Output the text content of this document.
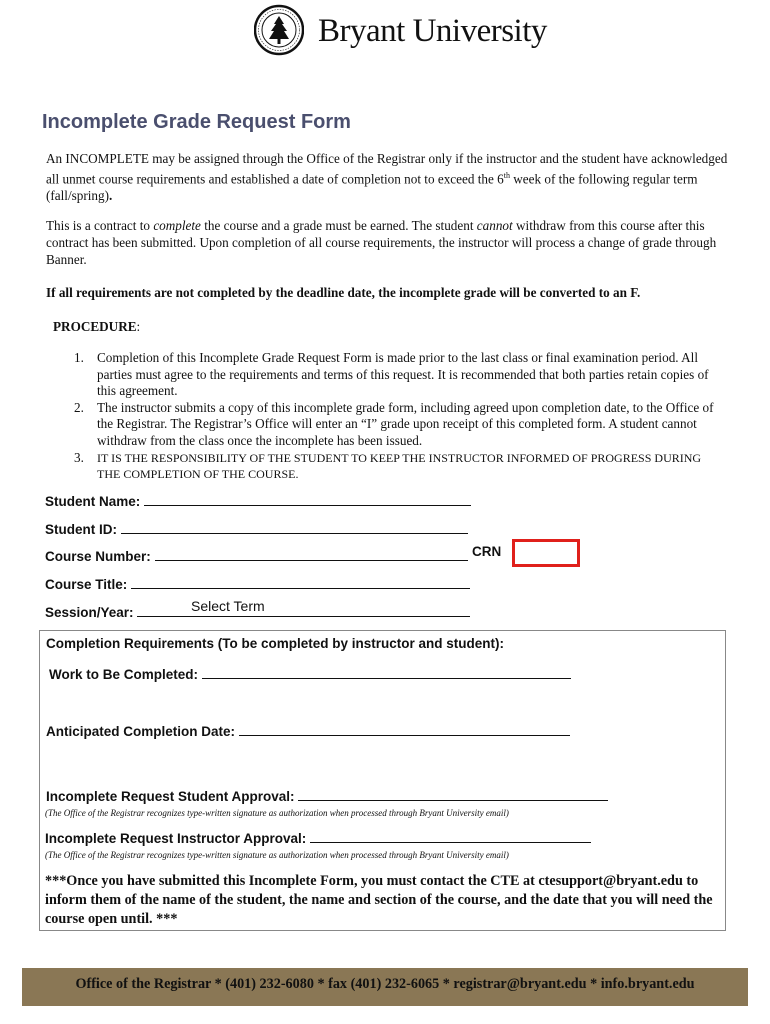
Bryant University
Incomplete Grade Request Form
An INCOMPLETE may be assigned through the Office of the Registrar only if the instructor and the student have acknowledged all unmet course requirements and established a date of completion not to exceed the 6th week of the following regular term (fall/spring).
This is a contract to complete the course and a grade must be earned. The student cannot withdraw from this course after this contract has been submitted. Upon completion of all course requirements, the instructor will process a change of grade through Banner.
If all requirements are not completed by the deadline date, the incomplete grade will be converted to an F.
PROCEDURE:
1. Completion of this Incomplete Grade Request Form is made prior to the last class or final examination period. All parties must agree to the requirements and terms of this request. It is recommended that both parties retain copies of this agreement.
2. The instructor submits a copy of this incomplete grade form, including agreed upon completion date, to the Office of the Registrar. The Registrar’s Office will enter an “I” grade upon receipt of this completed form. A student cannot withdraw from the class once the incomplete has been issued.
3. IT IS THE RESPONSIBILITY OF THE STUDENT TO KEEP THE INSTRUCTOR INFORMED OF PROGRESS DURING THE COMPLETION OF THE COURSE.
Student Name:
Student ID:
Course Number:	CRN
Course Title:
Session/Year:	Select Term
Completion Requirements (To be completed by instructor and student):
Work to Be Completed:
Anticipated Completion Date:
Incomplete Request Student Approval:
(The Office of the Registrar recognizes type-written signature as authorization when processed through Bryant University email)
Incomplete Request Instructor Approval:
(The Office of the Registrar recognizes type-written signature as authorization when processed through Bryant University email)
***Once you have submitted this Incomplete Form, you must contact the CTE at ctesupport@bryant.edu to inform them of the name of the student, the name and section of the course, and the date that you will need the course open until. ***
Office of the Registrar * (401) 232-6080 * fax (401) 232-6065 * registrar@bryant.edu * info.bryant.edu
